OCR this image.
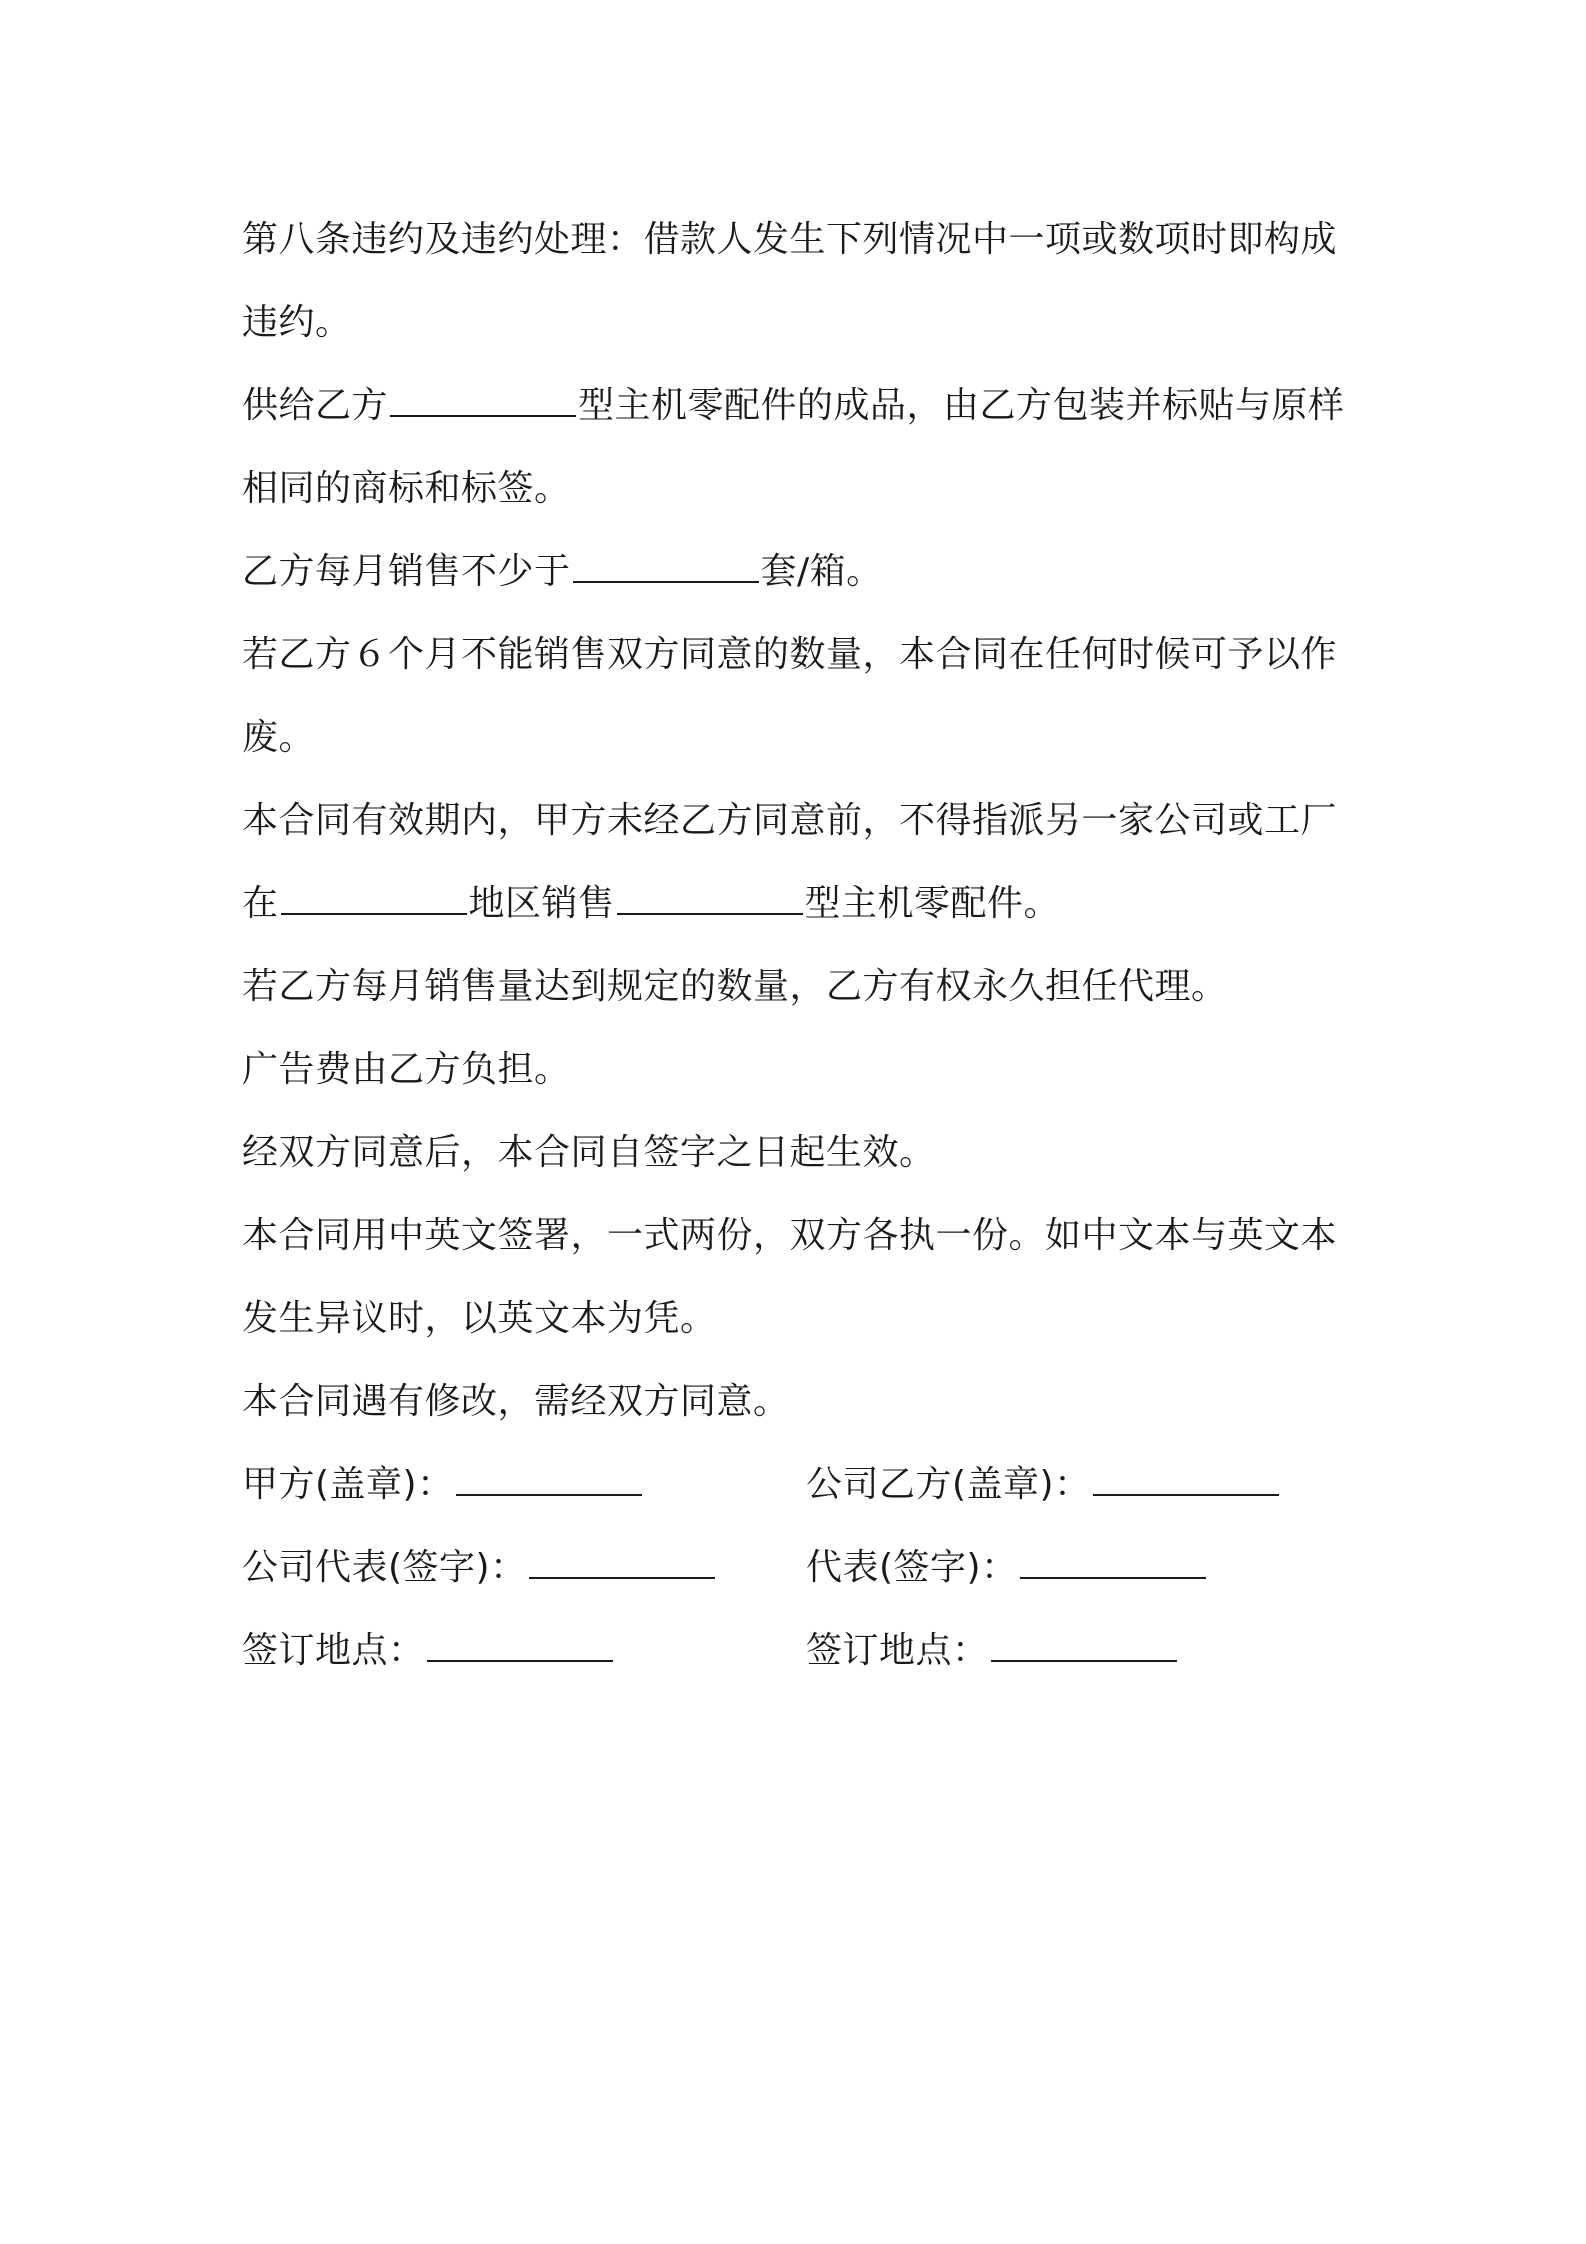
第八条违约及违约处理：借款人发生下列情况中一项或数项时即构成违约。

供给乙方	型主机零配件的成品，由乙方包装并标贴与原样相同的商标和标签。

乙方每月销售不少于	套/箱。

若乙方６个月不能销售双方同意的数量，本合同在任何时候可予以作废。

本合同有效期内，甲方未经乙方同意前，不得指派另一家公司或工厂在	地区销售	型主机零配件。

若乙方每月销售量达到规定的数量，乙方有权永久担任代理。

广告费由乙方负担。

经双方同意后，本合同自签字之日起生效。

本合同用中英文签署，一式两份，双方各执一份。如中文本与英文本发生异议时，以英文本为凭。

本合同遇有修改，需经双方同意。

甲方(盖章)：	公司乙方(盖章)：
公司代表(签字)：	代表(签字)：
签订地点：	签订地点：
